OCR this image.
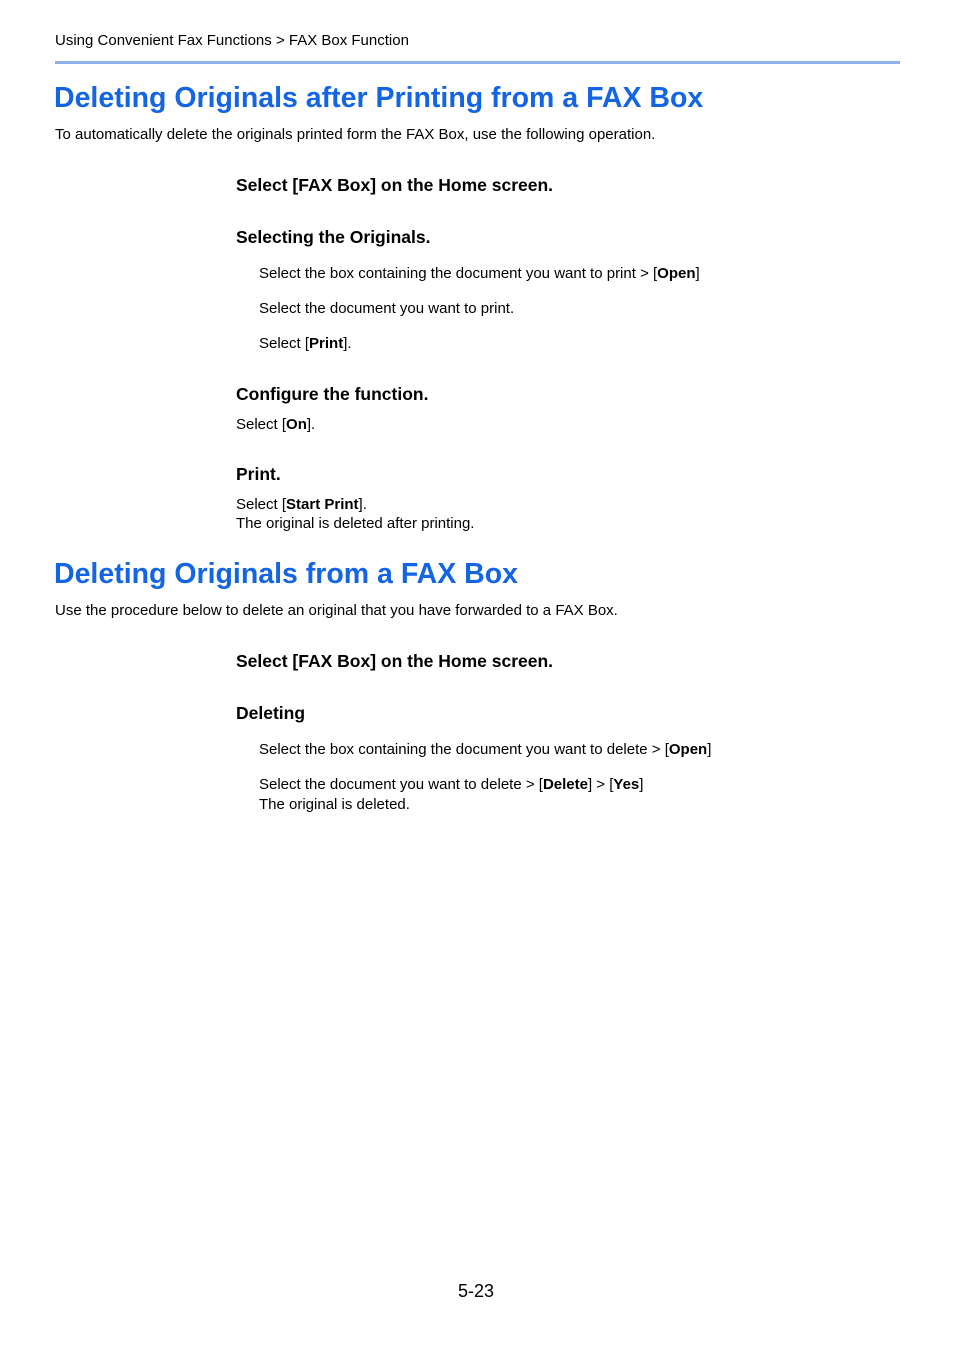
Using Convenient Fax Functions > FAX Box Function
Deleting Originals after Printing from a FAX Box
To automatically delete the originals printed form the FAX Box, use the following operation.
Select [FAX Box] on the Home screen.
Selecting the Originals.
Select the box containing the document you want to print > [Open]
Select the document you want to print.
Select [Print].
Configure the function.
Select [On].
Print.
Select [Start Print].
The original is deleted after printing.
Deleting Originals from a FAX Box
Use the procedure below to delete an original that you have forwarded to a FAX Box.
Select [FAX Box] on the Home screen.
Deleting
Select the box containing the document you want to delete > [Open]
Select the document you want to delete > [Delete] > [Yes]
The original is deleted.
5-23
